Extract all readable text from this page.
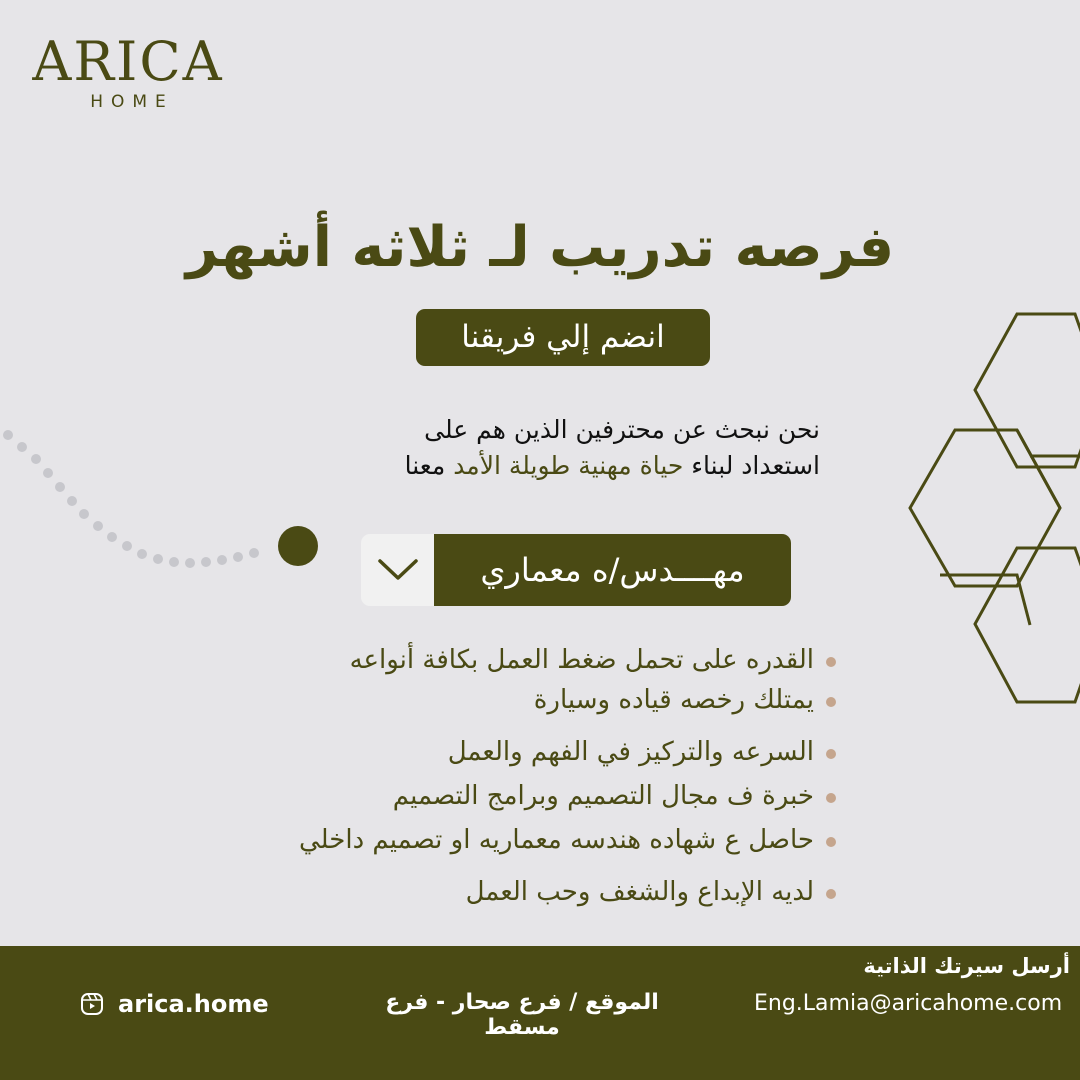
ARICA
HOME
فرصه تدريب لـ ثلاثه أشهر
انضم إلي فريقنا
نحن نبحث عن محترفين الذين هم على
استعداد لبناء حياة مهنية طويلة الأمد معنا
مهــــدس/ه معماري
القدره على تحمل ضغط العمل بكافة أنواعه
يمتلك رخصه قياده وسيارة
السرعه والتركيز في الفهم والعمل
خبرة ف مجال التصميم وبرامج التصميم
حاصل ع شهاده هندسه معماريه او تصميم داخلي
لديه الإبداع والشغف وحب العمل
أرسل سيرتك الذاتية
Eng.Lamia@aricahome.com
الموقع / فرع صحار - فرع مسقط
arica.home
